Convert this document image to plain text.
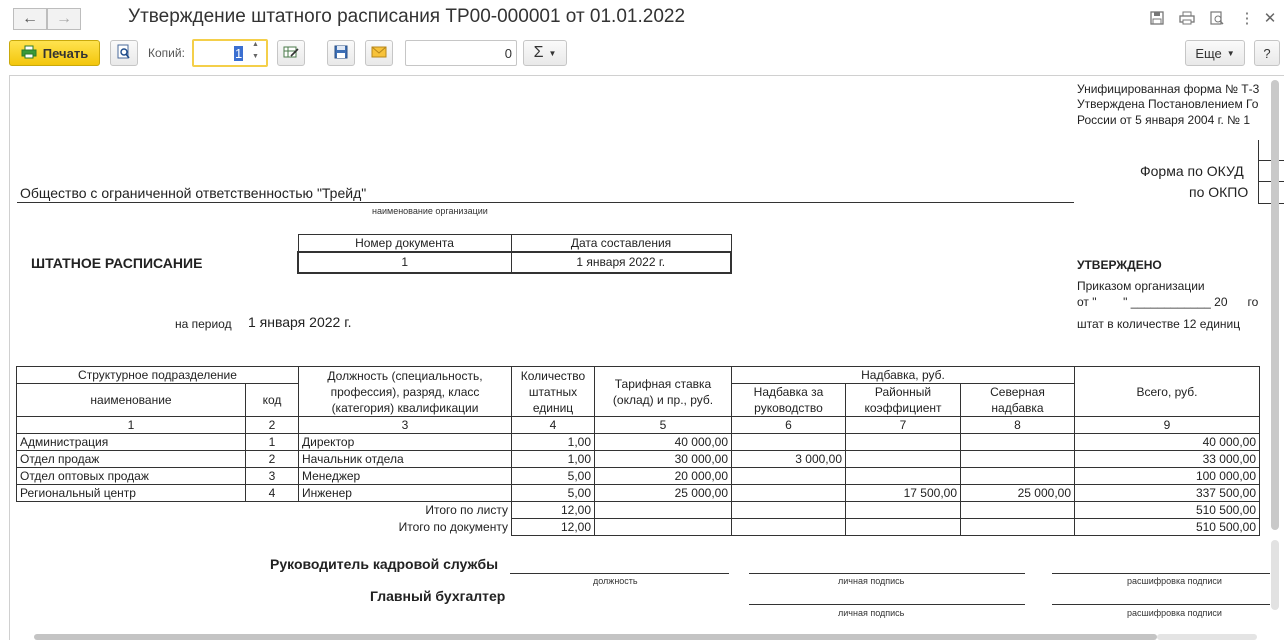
← →	Утверждение штатного расписания ТР00-000001 от 01.01.2022	⋮ ✕
Печать	Копий:	1
▲
▼	0	Σ ▼	Еще ▼ ?
Унифицированная форма № Т-3
Утверждена Постановлением Го
России от 5 января 2004 г. № 1
Форма по ОКУД
по ОКПО
Общество с ограниченной ответственностью "Трейд"
наименование организации
ШТАТНОЕ РАСПИСАНИЕ
Номер документа	Дата составления
1	1 января 2022 г.	УТВЕРЖДЕНО
Приказом организации
от "        " ____________ 20      го
штат в количестве 12 единиц
на период 1 января 2022 г.
Структурное подразделение		Должность (специальность, профессия), разряд, класс (категория) квалификации	Количество штатных единиц	Тарифная ставка (оклад) и пр., руб.	Надбавка, руб.			Всего, руб.
наименование	код				Надбавка за руководство	Районный коэффициент	Северная надбавка	
1	2	3	4	5	6	7	8	9
Администрация	1	Директор	1,00	40 000,00				40 000,00
Отдел продаж	2	Начальник отдела	1,00	30 000,00	3 000,00			33 000,00
Отдел оптовых продаж	3	Менеджер	5,00	20 000,00				100 000,00
Региональный центр	4	Инженер	5,00	25 000,00		17 500,00	25 000,00	337 500,00
Итого по листу			12,00					510 500,00
Итого по документу			12,00					510 500,00
Руководитель кадровой службы
должность	личная подпись	расшифровка подписи
Главный бухгалтер
личная подпись	расшифровка подписи
